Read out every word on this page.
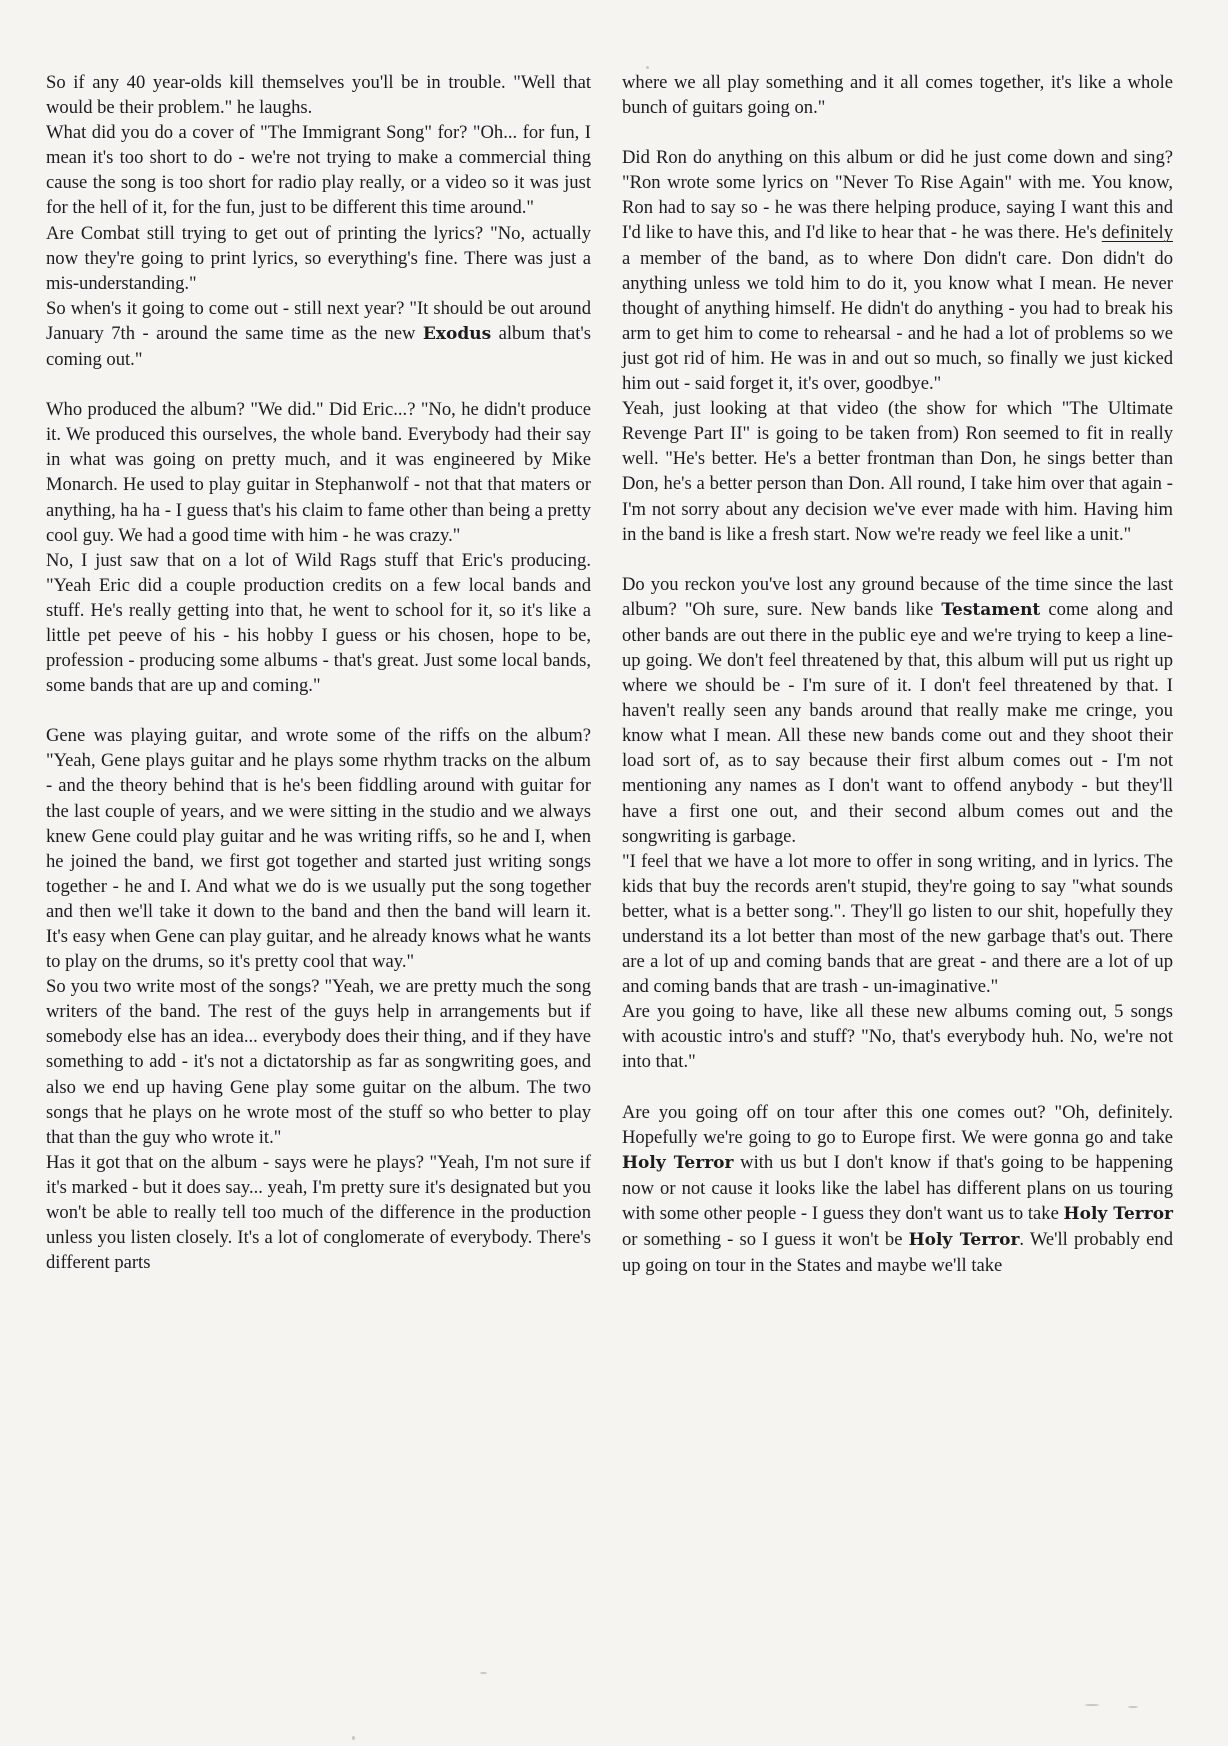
So if any 40 year-olds kill themselves you'll be in trouble. "Well that would be their problem." he laughs.

What did you do a cover of "The Immigrant Song" for? "Oh... for fun, I mean it's too short to do - we're not trying to make a commercial thing cause the song is too short for radio play really, or a video so it was just for the hell of it, for the fun, just to be different this time around."

Are Combat still trying to get out of printing the lyrics? "No, actually now they're going to print lyrics, so everything's fine. There was just a mis-understanding."

So when's it going to come out - still next year? "It should be out around January 7th - around the same time as the new Exodus album that's coming out."

Who produced the album? "We did." Did Eric...? "No, he didn't produce it. We produced this ourselves, the whole band. Everybody had their say in what was going on pretty much, and it was engineered by Mike Monarch. He used to play guitar in Stephanwolf - not that that maters or anything, ha ha - I guess that's his claim to fame other than being a pretty cool guy. We had a good time with him - he was crazy."

No, I just saw that on a lot of Wild Rags stuff that Eric's producing. "Yeah Eric did a couple production credits on a few local bands and stuff. He's really getting into that, he went to school for it, so it's like a little pet peeve of his - his hobby I guess or his chosen, hope to be, profession - producing some albums - that's great. Just some local bands, some bands that are up and coming."

Gene was playing guitar, and wrote some of the riffs on the album? "Yeah, Gene plays guitar and he plays some rhythm tracks on the album - and the theory behind that is he's been fiddling around with guitar for the last couple of years, and we were sitting in the studio and we always knew Gene could play guitar and he was writing riffs, so he and I, when he joined the band, we first got together and started just writing songs together - he and I. And what we do is we usually put the song together and then we'll take it down to the band and then the band will learn it. It's easy when Gene can play guitar, and he already knows what he wants to play on the drums, so it's pretty cool that way."

So you two write most of the songs? "Yeah, we are pretty much the song writers of the band. The rest of the guys help in arrangements but if somebody else has an idea... everybody does their thing, and if they have something to add - it's not a dictatorship as far as songwriting goes, and also we end up having Gene play some guitar on the album. The two songs that he plays on he wrote most of the stuff so who better to play that than the guy who wrote it."

Has it got that on the album - says were he plays? "Yeah, I'm not sure if it's marked - but it does say... yeah, I'm pretty sure it's designated but you won't be able to really tell too much of the difference in the production unless you listen closely. It's a lot of conglomerate of everybody. There's different parts

where we all play something and it all comes together, it's like a whole bunch of guitars going on."

Did Ron do anything on this album or did he just come down and sing? "Ron wrote some lyrics on "Never To Rise Again" with me. You know, Ron had to say so - he was there helping produce, saying I want this and I'd like to have this, and I'd like to hear that - he was there. He's definitely a member of the band, as to where Don didn't care. Don didn't do anything unless we told him to do it, you know what I mean. He never thought of anything himself. He didn't do anything - you had to break his arm to get him to come to rehearsal - and he had a lot of problems so we just got rid of him. He was in and out so much, so finally we just kicked him out - said forget it, it's over, goodbye."

Yeah, just looking at that video (the show for which "The Ultimate Revenge Part II" is going to be taken from) Ron seemed to fit in really well. "He's better. He's a better frontman than Don, he sings better than Don, he's a better person than Don. All round, I take him over that again - I'm not sorry about any decision we've ever made with him. Having him in the band is like a fresh start. Now we're ready we feel like a unit."

Do you reckon you've lost any ground because of the time since the last album? "Oh sure, sure. New bands like Testament come along and other bands are out there in the public eye and we're trying to keep a line-up going. We don't feel threatened by that, this album will put us right up where we should be - I'm sure of it. I don't feel threatened by that. I haven't really seen any bands around that really make me cringe, you know what I mean. All these new bands come out and they shoot their load sort of, as to say because their first album comes out - I'm not mentioning any names as I don't want to offend anybody - but they'll have a first one out, and their second album comes out and the songwriting is garbage.

"I feel that we have a lot more to offer in song writing, and in lyrics. The kids that buy the records aren't stupid, they're going to say "what sounds better, what is a better song.". They'll go listen to our shit, hopefully they understand its a lot better than most of the new garbage that's out. There are a lot of up and coming bands that are great - and there are a lot of up and coming bands that are trash - un-imaginative."

Are you going to have, like all these new albums coming out, 5 songs with acoustic intro's and stuff? "No, that's everybody huh. No, we're not into that."

Are you going off on tour after this one comes out? "Oh, definitely. Hopefully we're going to go to Europe first. We were gonna go and take Holy Terror with us but I don't know if that's going to be happening now or not cause it looks like the label has different plans on us touring with some other people - I guess they don't want us to take Holy Terror or something - so I guess it won't be Holy Terror. We'll probably end up going on tour in the States and maybe we'll take
